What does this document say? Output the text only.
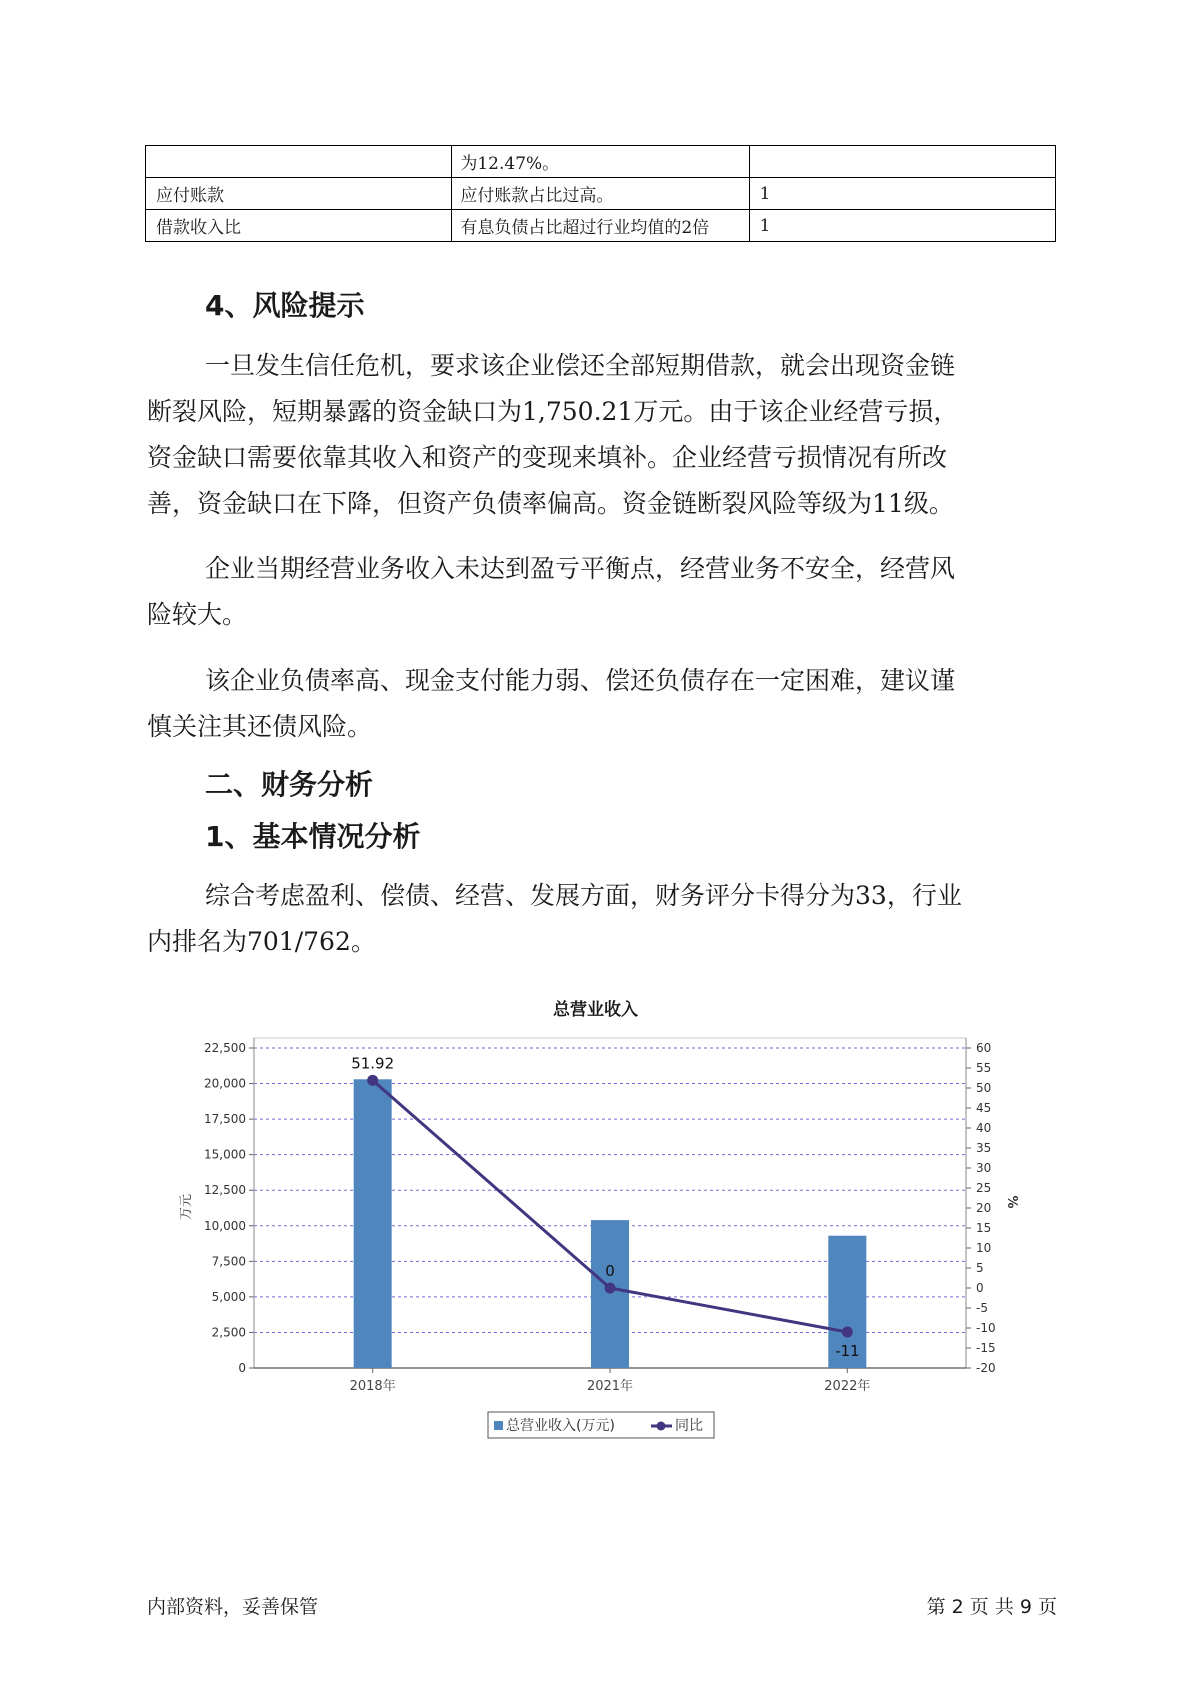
	为12.47%。	
应付账款	应付账款占比过高。	1
借款收入比	有息负债占比超过行业均值的2倍	1
4、风险提示
一旦发生信任危机，要求该企业偿还全部短期借款，就会出现资金链
断裂风险，短期暴露的资金缺口为1,750.21万元。由于该企业经营亏损，
资金缺口需要依靠其收入和资产的变现来填补。企业经营亏损情况有所改
善，资金缺口在下降，但资产负债率偏高。资金链断裂风险等级为11级。
企业当期经营业务收入未达到盈亏平衡点，经营业务不安全，经营风
险较大。
该企业负债率高、现金支付能力弱、偿还负债存在一定困难，建议谨
慎关注其还债风险。
二、财务分析
1、基本情况分析
综合考虑盈利、偿债、经营、发展方面，财务评分卡得分为33，行业
内排名为701/762。
总营业收入
0
2,500
5,000
7,500
10,000
12,500
15,000
17,500
20,000
22,500
-20
-15
-10
-5
0
5
10
15
20
25
30
35
40
45
50
55
60
万元	%
2018年	2021年	2022年
51.92
0
-11
总营业收入(万元)	同比
内部资料，妥善保管	第 2 页 共 9 页
